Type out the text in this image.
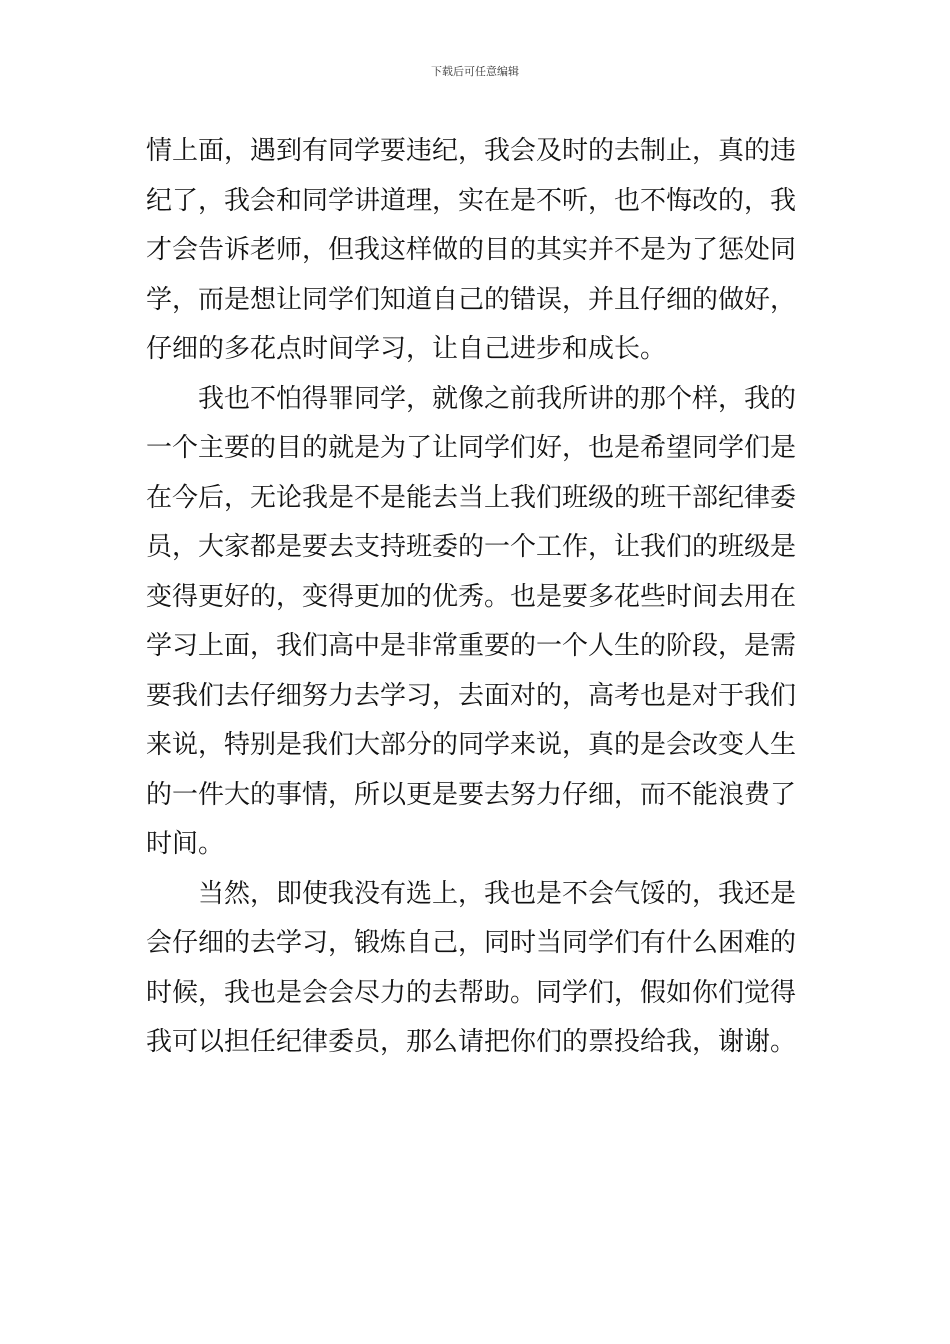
下载后可任意编辑
情上面，遇到有同学要违纪，我会及时的去制止，真的违
纪了，我会和同学讲道理，实在是不听，也不悔改的，我
才会告诉老师，但我这样做的目的其实并不是为了惩处同
学，而是想让同学们知道自己的错误，并且仔细的做好，
仔细的多花点时间学习，让自己进步和成长。
　　我也不怕得罪同学，就像之前我所讲的那个样，我的
一个主要的目的就是为了让同学们好，也是希望同学们是
在今后，无论我是不是能去当上我们班级的班干部纪律委
员，大家都是要去支持班委的一个工作，让我们的班级是
变得更好的，变得更加的优秀。也是要多花些时间去用在
学习上面，我们高中是非常重要的一个人生的阶段，是需
要我们去仔细努力去学习，去面对的，高考也是对于我们
来说，特别是我们大部分的同学来说，真的是会改变人生
的一件大的事情，所以更是要去努力仔细，而不能浪费了
时间。
　　当然，即使我没有选上，我也是不会气馁的，我还是
会仔细的去学习，锻炼自己，同时当同学们有什么困难的
时候，我也是会会尽力的去帮助。同学们，假如你们觉得
我可以担任纪律委员，那么请把你们的票投给我，谢谢。
